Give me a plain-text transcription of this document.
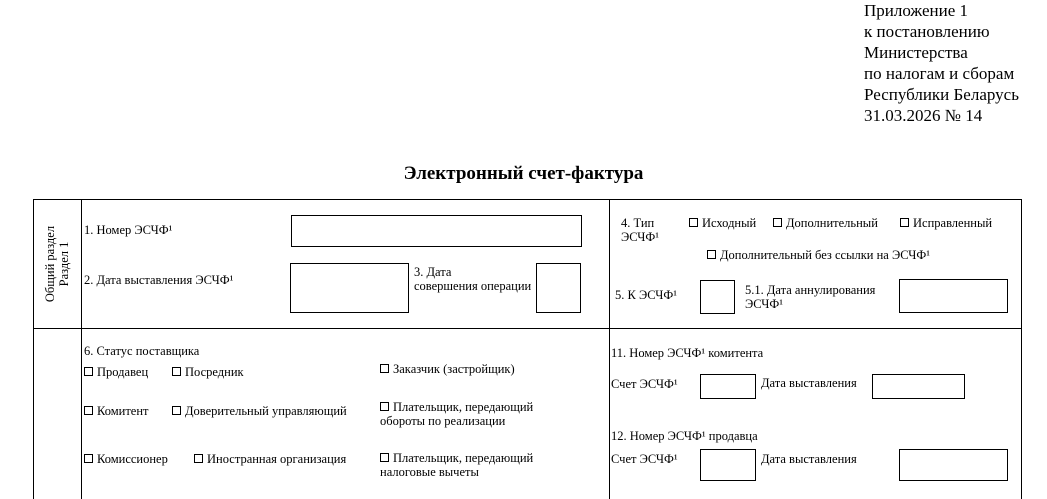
Приложение 1
к постановлению
Министерства
по налогам и сборам
Республики Беларусь
31.03.2026 № 14
Электронный счет-фактура
Общий раздел Раздел 1
1. Номер ЭСЧФ¹
2. Дата выставления ЭСЧФ¹
3. Дата
совершения операции
4. Тип
ЭСЧФ¹
Исходный	Дополнительный	Исправленный
Дополнительный без ссылки на ЭСЧФ¹
5. К ЭСЧФ¹	5.1. Дата аннулирования
ЭСЧФ¹
6. Статус поставщика
Продавец	Посредник	Заказчик (застройщик)
Комитент	Доверительный управляющий	Плательщик, передающий
обороты по реализации
Комиссионер	Иностранная организация	Плательщик, передающий
налоговые вычеты
11. Номер ЭСЧФ¹ комитента
Счет ЭСЧФ¹	Дата выставления
12. Номер ЭСЧФ¹ продавца
Счет ЭСЧФ¹	Дата выставления
